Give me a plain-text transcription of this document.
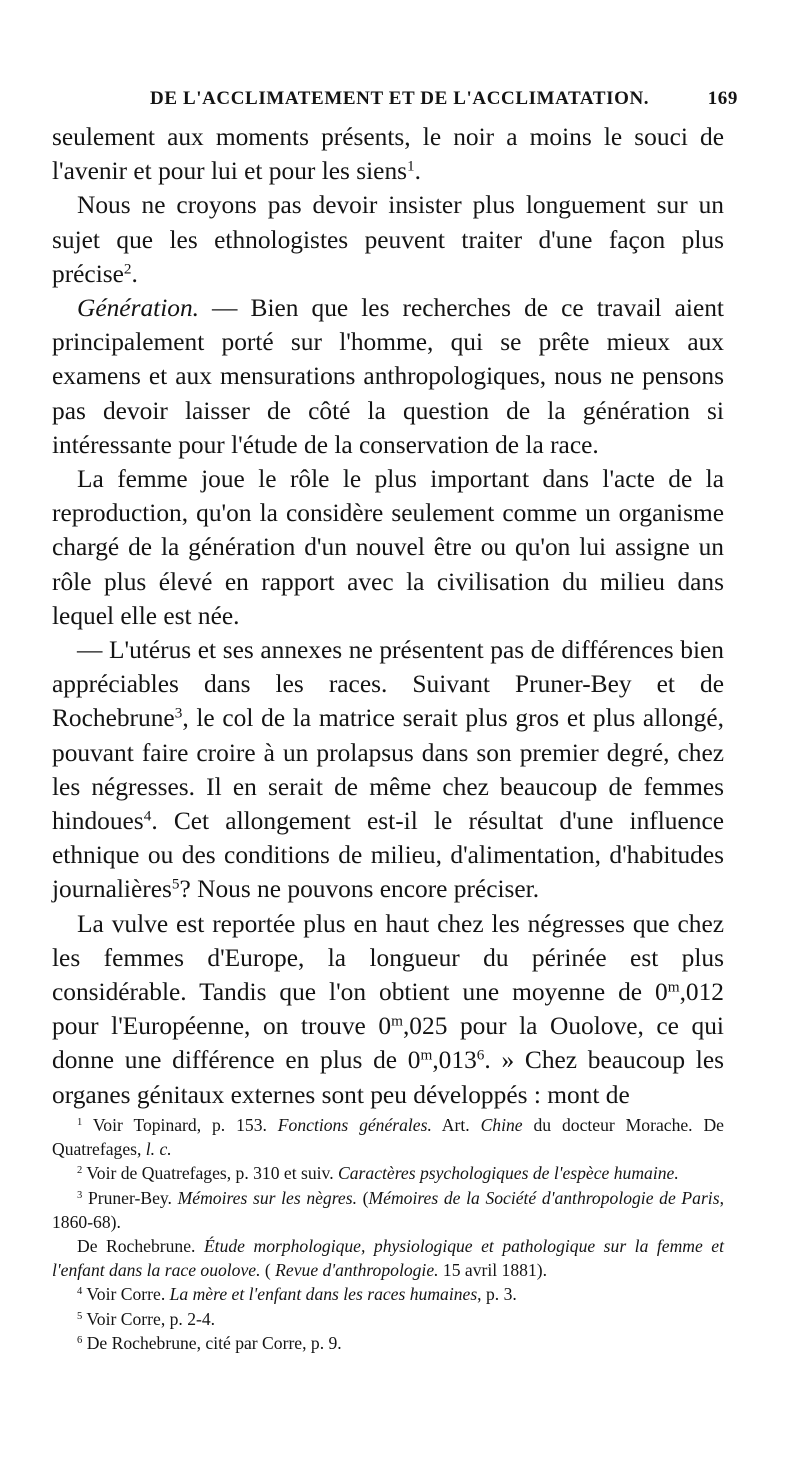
DE L'ACCLIMATEMENT ET DE L'ACCLIMATATION.	169

seulement aux moments présents, le noir a moins le souci de l'avenir et pour lui et pour les siens$^1$.

Nous ne croyons pas devoir insister plus longuement sur un sujet que les ethnologistes peuvent traiter d'une façon plus précise$^2$.

Génération. — Bien que les recherches de ce travail aient principalement porté sur l'homme, qui se prête mieux aux examens et aux mensurations anthropologiques, nous ne pensons pas devoir laisser de côté la question de la génération si intéressante pour l'étude de la conservation de la race.

La femme joue le rôle le plus important dans l'acte de la reproduction, qu'on la considère seulement comme un organisme chargé de la génération d'un nouvel être ou qu'on lui assigne un rôle plus élevé en rapport avec la civilisation du milieu dans lequel elle est née.

— L'utérus et ses annexes ne présentent pas de différences bien appréciables dans les races. Suivant Pruner-Bey et de Rochebrune$^3$, le col de la matrice serait plus gros et plus allongé, pouvant faire croire à un prolapsus dans son premier degré, chez les négresses. Il en serait de même chez beaucoup de femmes hindoues$^4$. Cet allongement est-il le résultat d'une influence ethnique ou des conditions de milieu, d'alimentation, d'habitudes journalières$^5$? Nous ne pouvons encore préciser.

La vulve est reportée plus en haut chez les négresses que chez les femmes d'Europe, la longueur du périnée est plus considérable. Tandis que l'on obtient une moyenne de 0$^m$,012 pour l'Européenne, on trouve 0$^m$,025 pour la Ouolove, ce qui donne une différence en plus de 0$^m$,013$^6$. » Chez beaucoup les organes génitaux externes sont peu développés : mont de

$^1$ Voir Topinard, p. 153. Fonctions générales. Art. Chine du docteur Morache. De Quatrefages, l. c.

$^2$ Voir de Quatrefages, p. 310 et suiv. Caractères psychologiques de l'espèce humaine.

$^3$ Pruner-Bey. Mémoires sur les nègres. (Mémoires de la Société d'anthropologie de Paris, 1860-68).

De Rochebrune. Étude morphologique, physiologique et pathologique sur la femme et l'enfant dans la race ouolove. ( Revue d'anthropologie. 15 avril 1881).

$^4$ Voir Corre. La mère et l'enfant dans les races humaines, p. 3.

$^5$ Voir Corre, p. 2-4.

$^6$ De Rochebrune, cité par Corre, p. 9.
